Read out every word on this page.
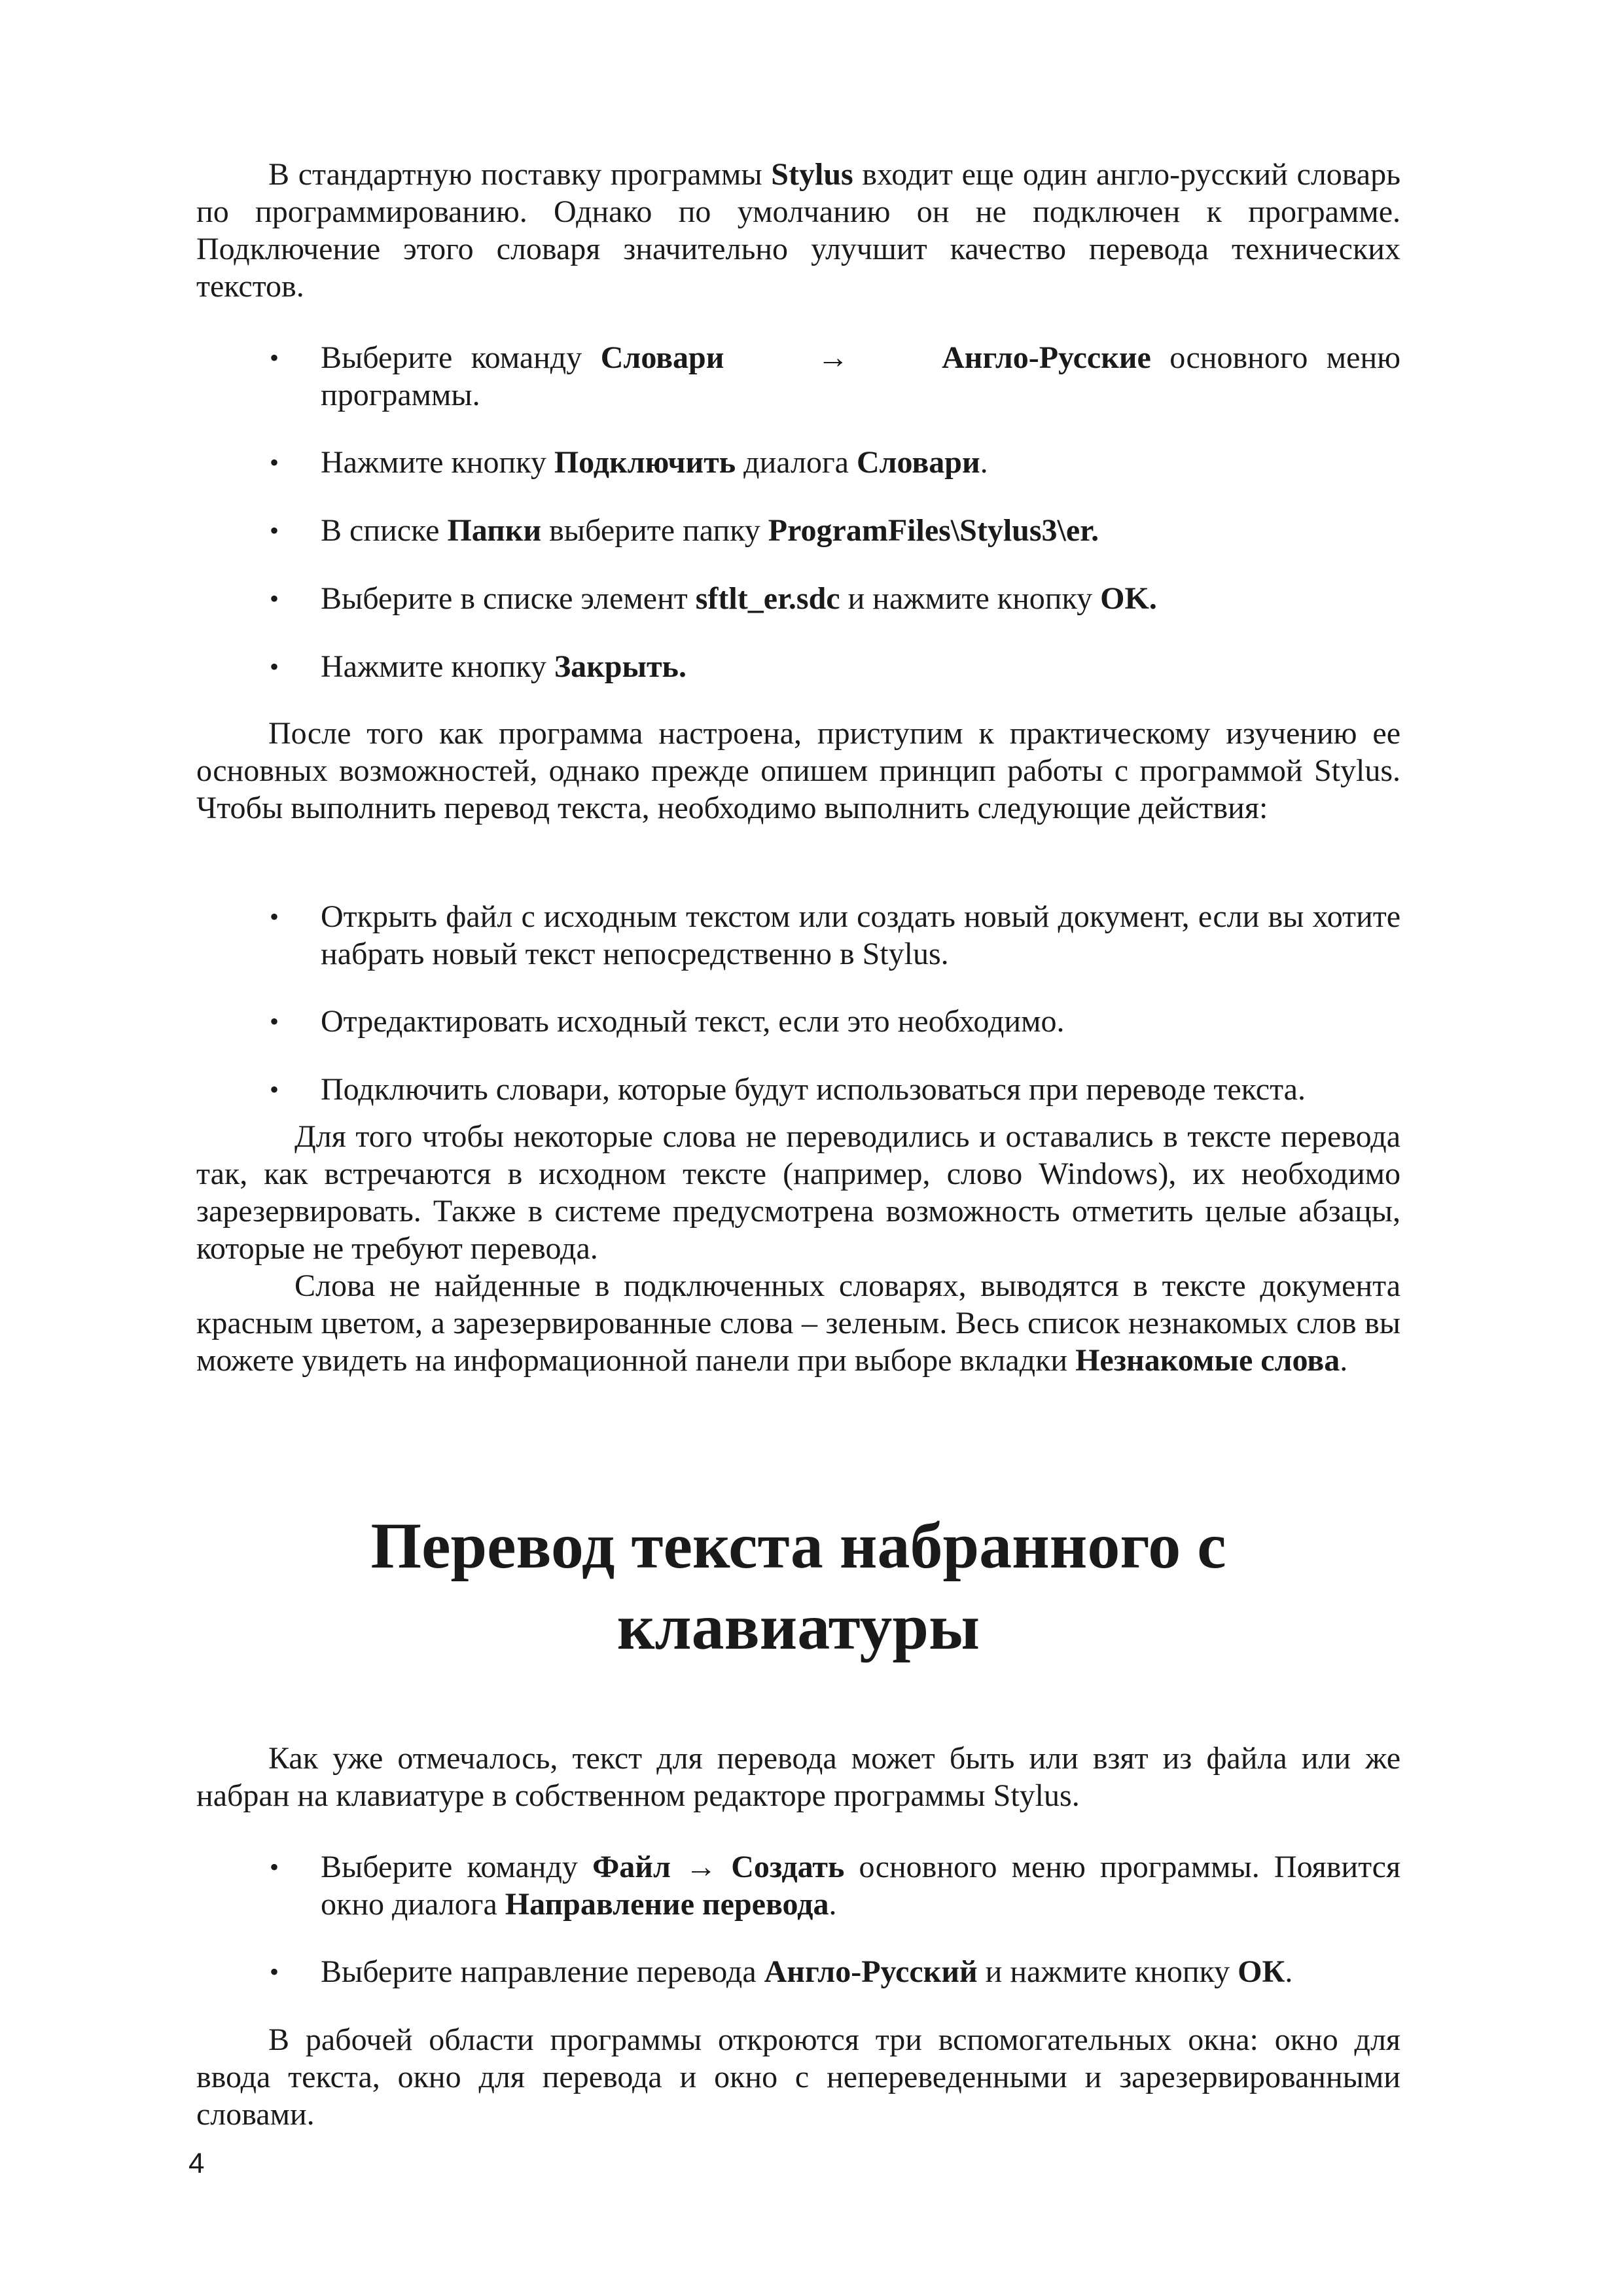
В стандартную поставку программы Stylus входит еще один англо-русский словарь по программированию. Однако по умолчанию он не подключен к программе. Подключение этого словаря значительно улучшит качество перевода технических текстов.

• Выберите команду Словари	→	Англо-Русские основного меню программы.

• Нажмите кнопку Подключить диалога Словари.

• В списке Папки выберите папку ProgramFiles\Stylus3\er.

• Выберите в списке элемент sftlt_er.sdc и нажмите кнопку OK.

• Нажмите кнопку Закрыть.

После того как программа настроена, приступим к практическому изучению ее основных возможностей, однако прежде опишем принцип работы с программой Stylus. Чтобы выполнить перевод текста, необходимо выполнить следующие действия:

• Открыть файл с исходным текстом или создать новый документ, если вы хотите набрать новый текст непосредственно в Stylus.

• Отредактировать исходный текст, если это необходимо.

• Подключить словари, которые будут использоваться при переводе текста.

Для того чтобы некоторые слова не переводились и оставались в тексте перевода так, как встречаются в исходном тексте (например, слово Windows), их необходимо зарезервировать. Также в системе предусмотрена возможность отметить целые абзацы, которые не требуют перевода.

Слова не найденные в подключенных словарях, выводятся в тексте документа красным цветом, а зарезервированные слова – зеленым. Весь список незнакомых слов вы можете увидеть на информационной панели при выборе вкладки Незнакомые слова.

Перевод текста набранного с
клавиатуры

Как уже отмечалось, текст для перевода может быть или взят из файла или же набран на клавиатуре в собственном редакторе программы Stylus.

• Выберите команду Файл → Создать основного меню программы. Появится окно диалога Направление перевода.

• Выберите направление перевода Англо-Русский и нажмите кнопку ОК.

В рабочей области программы откроются три вспомогательных окна: окно для ввода текста, окно для перевода и окно с непереведенными и зарезервированными словами.

4
